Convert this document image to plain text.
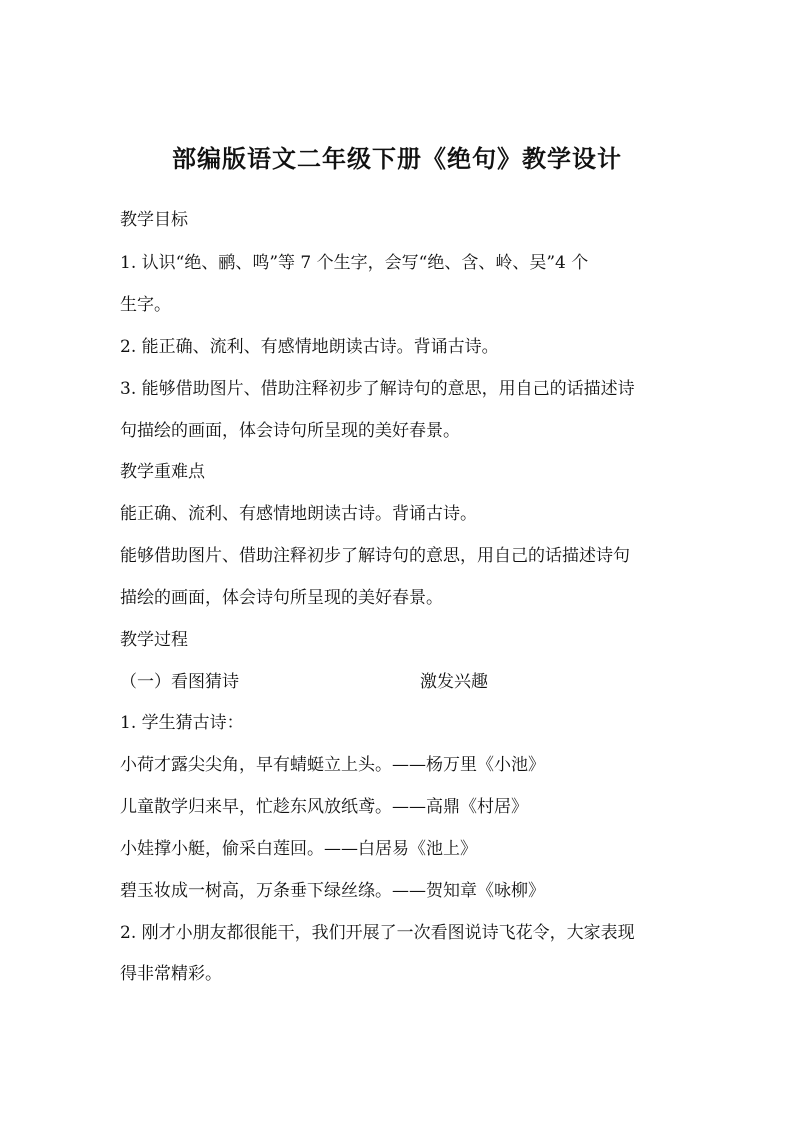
部编版语文二年级下册《绝句》教学设计
教学目标
1. 认识“绝、鹂、鸣”等 7 个生字，会写“绝、含、岭、吴”4 个
生字。
2. 能正确、流利、有感情地朗读古诗。背诵古诗。
3. 能够借助图片、借助注释初步了解诗句的意思，用自己的话描述诗
句描绘的画面，体会诗句所呈现的美好春景。
教学重难点
能正确、流利、有感情地朗读古诗。背诵古诗。
能够借助图片、借助注释初步了解诗句的意思，用自己的话描述诗句
描绘的画面，体会诗句所呈现的美好春景。
教学过程
（一）看图猜诗	激发兴趣
1. 学生猜古诗：
小荷才露尖尖角，早有蜻蜓立上头。——杨万里《小池》
儿童散学归来早，忙趁东风放纸鸢。——高鼎《村居》
小娃撑小艇，偷采白莲回。——白居易《池上》
碧玉妆成一树高，万条垂下绿丝绦。——贺知章《咏柳》
2. 刚才小朋友都很能干，我们开展了一次看图说诗飞花令，大家表现
得非常精彩。
